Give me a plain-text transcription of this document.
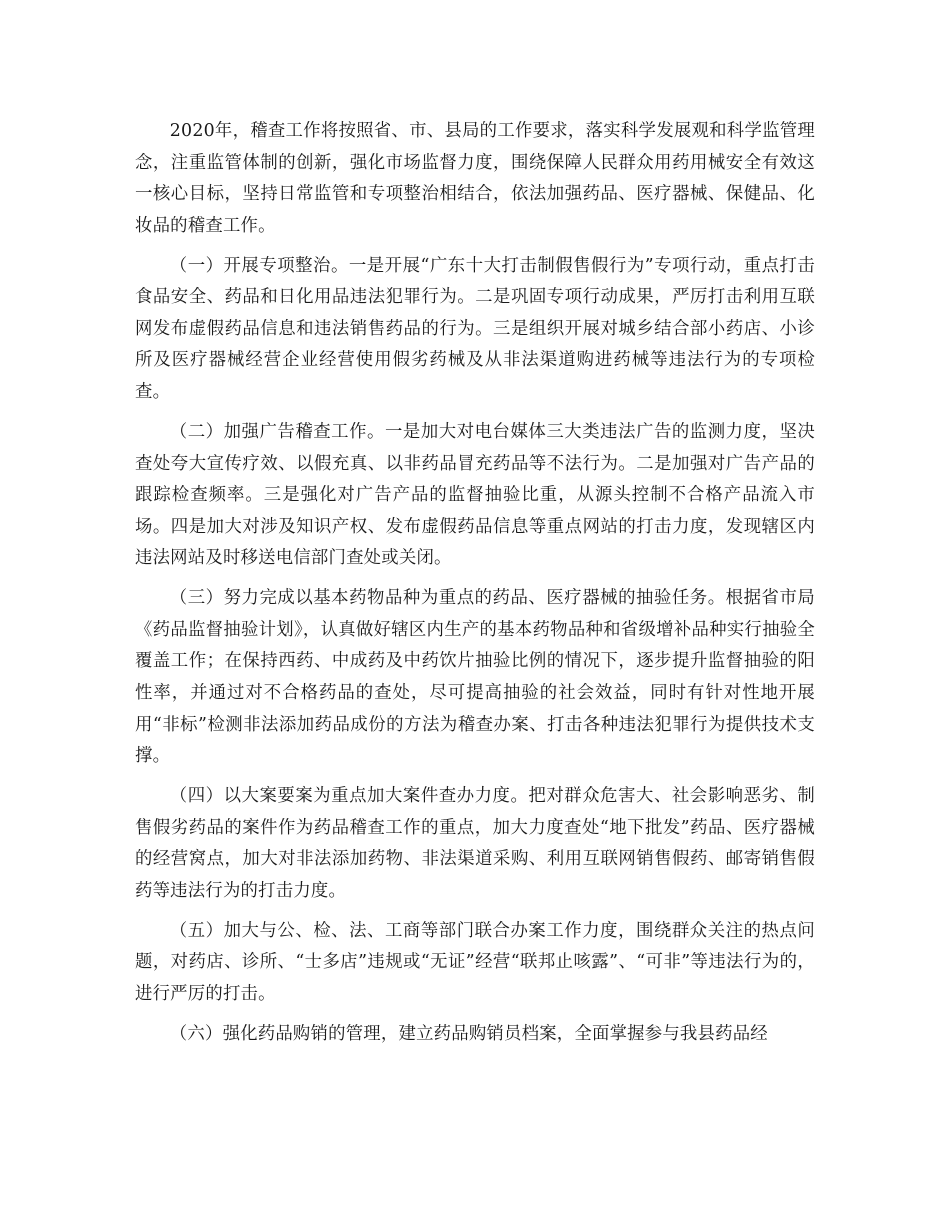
2020年，稽查工作将按照省、市、县局的工作要求，落实科学发展观和科学监管理念，注重监管体制的创新，强化市场监督力度，围绕保障人民群众用药用械安全有效这一核心目标，坚持日常监管和专项整治相结合，依法加强药品、医疗器械、保健品、化妆品的稽查工作。

（一）开展专项整治。一是开展“广东十大打击制假售假行为”专项行动，重点打击食品安全、药品和日化用品违法犯罪行为。二是巩固专项行动成果，严厉打击利用互联网发布虚假药品信息和违法销售药品的行为。三是组织开展对城乡结合部小药店、小诊所及医疗器械经营企业经营使用假劣药械及从非法渠道购进药械等违法行为的专项检查。

（二）加强广告稽查工作。一是加大对电台媒体三大类违法广告的监测力度，坚决查处夸大宣传疗效、以假充真、以非药品冒充药品等不法行为。二是加强对广告产品的跟踪检查频率。三是强化对广告产品的监督抽验比重，从源头控制不合格产品流入市场。四是加大对涉及知识产权、发布虚假药品信息等重点网站的打击力度，发现辖区内违法网站及时移送电信部门查处或关闭。

（三）努力完成以基本药物品种为重点的药品、医疗器械的抽验任务。根据省市局《药品监督抽验计划》，认真做好辖区内生产的基本药物品种和省级增补品种实行抽验全覆盖工作；在保持西药、中成药及中药饮片抽验比例的情况下，逐步提升监督抽验的阳性率，并通过对不合格药品的查处，尽可提高抽验的社会效益，同时有针对性地开展用“非标”检测非法添加药品成份的方法为稽查办案、打击各种违法犯罪行为提供技术支撑。

（四）以大案要案为重点加大案件查办力度。把对群众危害大、社会影响恶劣、制售假劣药品的案件作为药品稽查工作的重点，加大力度查处“地下批发”药品、医疗器械的经营窝点，加大对非法添加药物、非法渠道采购、利用互联网销售假药、邮寄销售假药等违法行为的打击力度。

（五）加大与公、检、法、工商等部门联合办案工作力度，围绕群众关注的热点问题，对药店、诊所、“士多店”违规或“无证”经营“联邦止咳露”、“可非”等违法行为的，进行严厉的打击。

（六）强化药品购销的管理，建立药品购销员档案，全面掌握参与我县药品经
